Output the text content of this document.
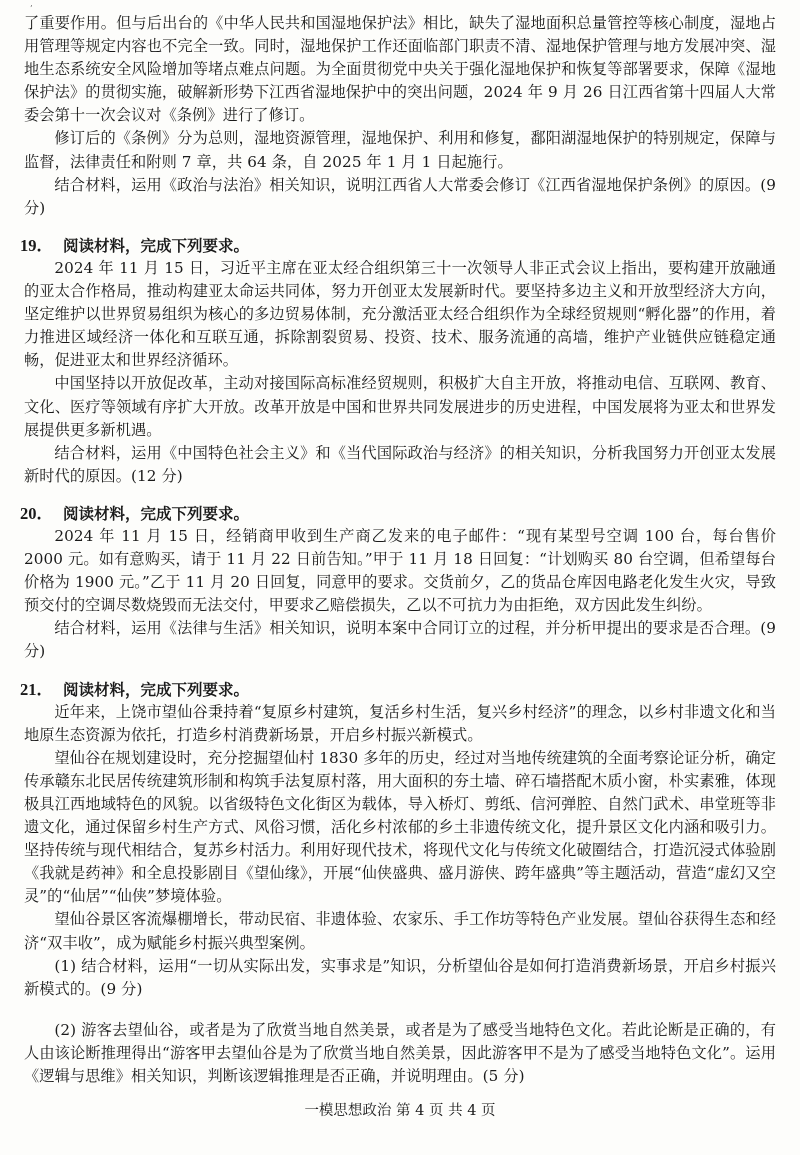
’

了重要作用。但与后出台的《中华人民共和国湿地保护法》相比，缺失了湿地面积总量管控等核心制度，湿地占用管理等规定内容也不完全一致。同时，湿地保护工作还面临部门职责不清、湿地保护管理与地方发展冲突、湿地生态系统安全风险增加等堵点难点问题。为全面贯彻党中央关于强化湿地保护和恢复等部署要求，保障《湿地保护法》的贯彻实施，破解新形势下江西省湿地保护中的突出问题，2024 年 9 月 26 日江西省第十四届人大常委会第十一次会议对《条例》进行了修订。

修订后的《条例》分为总则，湿地资源管理，湿地保护、利用和修复，鄱阳湖湿地保护的特别规定，保障与监督，法律责任和附则 7 章，共 64 条，自 2025 年 1 月 1 日起施行。

结合材料，运用《政治与法治》相关知识，说明江西省人大常委会修订《江西省湿地保护条例》的原因。(9 分)

19． 阅读材料，完成下列要求。

2024 年 11 月 15 日，习近平主席在亚太经合组织第三十一次领导人非正式会议上指出，要构建开放融通的亚太合作格局，推动构建亚太命运共同体，努力开创亚太发展新时代。要坚持多边主义和开放型经济大方向，坚定维护以世界贸易组织为核心的多边贸易体制，充分激活亚太经合组织作为全球经贸规则“孵化器”的作用，着力推进区域经济一体化和互联互通，拆除割裂贸易、投资、技术、服务流通的高墙，维护产业链供应链稳定通畅，促进亚太和世界经济循环。

中国坚持以开放促改革，主动对接国际高标准经贸规则，积极扩大自主开放，将推动电信、互联网、教育、文化、医疗等领域有序扩大开放。改革开放是中国和世界共同发展进步的历史进程，中国发展将为亚太和世界发展提供更多新机遇。

结合材料，运用《中国特色社会主义》和《当代国际政治与经济》的相关知识，分析我国努力开创亚太发展新时代的原因。(12 分)

20． 阅读材料，完成下列要求。

2024 年 11 月 15 日，经销商甲收到生产商乙发来的电子邮件：“现有某型号空调 100 台，每台售价 2000 元。如有意购买，请于 11 月 22 日前告知。”甲于 11 月 18 日回复：“计划购买 80 台空调，但希望每台价格为 1900 元。”乙于 11 月 20 日回复，同意甲的要求。交货前夕，乙的货品仓库因电路老化发生火灾，导致预交付的空调尽数烧毁而无法交付，甲要求乙赔偿损失，乙以不可抗力为由拒绝，双方因此发生纠纷。

结合材料，运用《法律与生活》相关知识，说明本案中合同订立的过程，并分析甲提出的要求是否合理。(9 分)

21． 阅读材料，完成下列要求。

近年来，上饶市望仙谷秉持着“复原乡村建筑，复活乡村生活，复兴乡村经济”的理念，以乡村非遗文化和当地原生态资源为依托，打造乡村消费新场景，开启乡村振兴新模式。

望仙谷在规划建设时，充分挖掘望仙村 1830 多年的历史，经过对当地传统建筑的全面考察论证分析，确定传承赣东北民居传统建筑形制和构筑手法复原村落，用大面积的夯土墙、碎石墙搭配木质小窗，朴实素雅，体现极具江西地域特色的风貌。以省级特色文化街区为载体，导入桥灯、剪纸、信河弹腔、自然门武术、串堂班等非遗文化，通过保留乡村生产方式、风俗习惯，活化乡村浓郁的乡土非遗传统文化，提升景区文化内涵和吸引力。坚持传统与现代相结合，复苏乡村活力。利用好现代技术，将现代文化与传统文化破圈结合，打造沉浸式体验剧《我就是药神》和全息投影剧目《望仙缘》，开展“仙侠盛典、盛月游侠、跨年盛典”等主题活动，营造“虚幻又空灵”的“仙居”“仙侠”梦境体验。

望仙谷景区客流爆棚增长，带动民宿、非遗体验、农家乐、手工作坊等特色产业发展。望仙谷获得生态和经济“双丰收”，成为赋能乡村振兴典型案例。

(1) 结合材料，运用“一切从实际出发，实事求是”知识，分析望仙谷是如何打造消费新场景，开启乡村振兴新模式的。(9 分)

(2) 游客去望仙谷，或者是为了欣赏当地自然美景，或者是为了感受当地特色文化。若此论断是正确的，有人由该论断推理得出“游客甲去望仙谷是为了欣赏当地自然美景，因此游客甲不是为了感受当地特色文化”。运用《逻辑与思维》相关知识，判断该逻辑推理是否正确，并说明理由。(5 分)

一模思想政治 第 4 页 共 4 页
